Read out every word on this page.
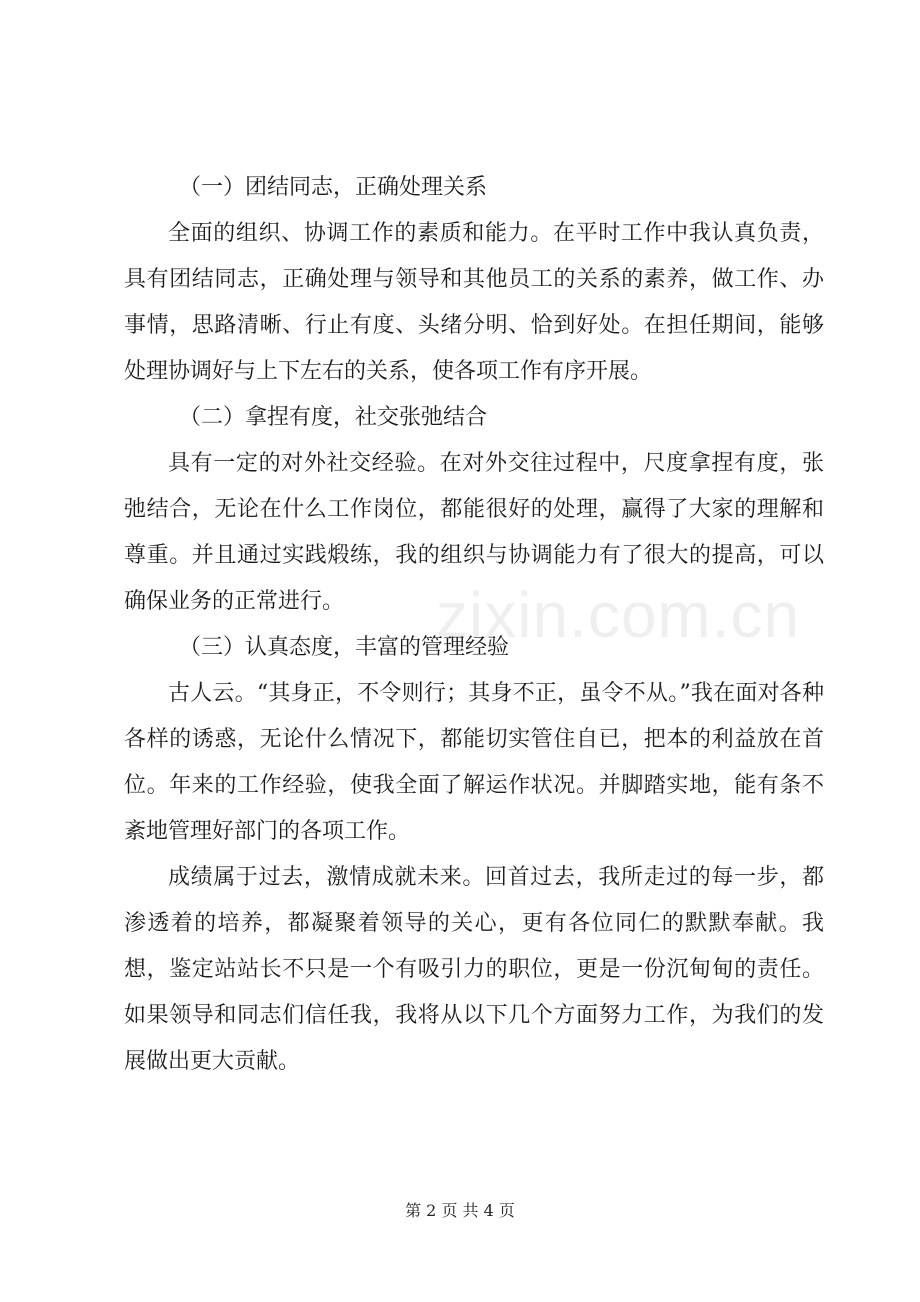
zixin.com.cn

（一）团结同志，正确处理关系

全面的组织、协调工作的素质和能力。在平时工作中我认真负责，具有团结同志，正确处理与领导和其他员工的关系的素养，做工作、办事情，思路清晰、行止有度、头绪分明、恰到好处。在担任期间，能够处理协调好与上下左右的关系，使各项工作有序开展。

（二）拿捏有度，社交张弛结合

具有一定的对外社交经验。在对外交往过程中，尺度拿捏有度，张弛结合，无论在什么工作岗位，都能很好的处理，赢得了大家的理解和尊重。并且通过实践煅练，我的组织与协调能力有了很大的提高，可以确保业务的正常进行。

（三）认真态度，丰富的管理经验

古人云。“其身正，不令则行；其身不正，虽令不从。”我在面对各种各样的诱惑，无论什么情况下，都能切实管住自已，把本的利益放在首位。年来的工作经验，使我全面了解运作状况。并脚踏实地，能有条不紊地管理好部门的各项工作。

成绩属于过去，激情成就未来。回首过去，我所走过的每一步，都渗透着的培养，都凝聚着领导的关心，更有各位同仁的默默奉献。我想，鉴定站站长不只是一个有吸引力的职位，更是一份沉甸甸的责任。如果领导和同志们信任我，我将从以下几个方面努力工作，为我们的发展做出更大贡献。

第 2 页 共 4 页
